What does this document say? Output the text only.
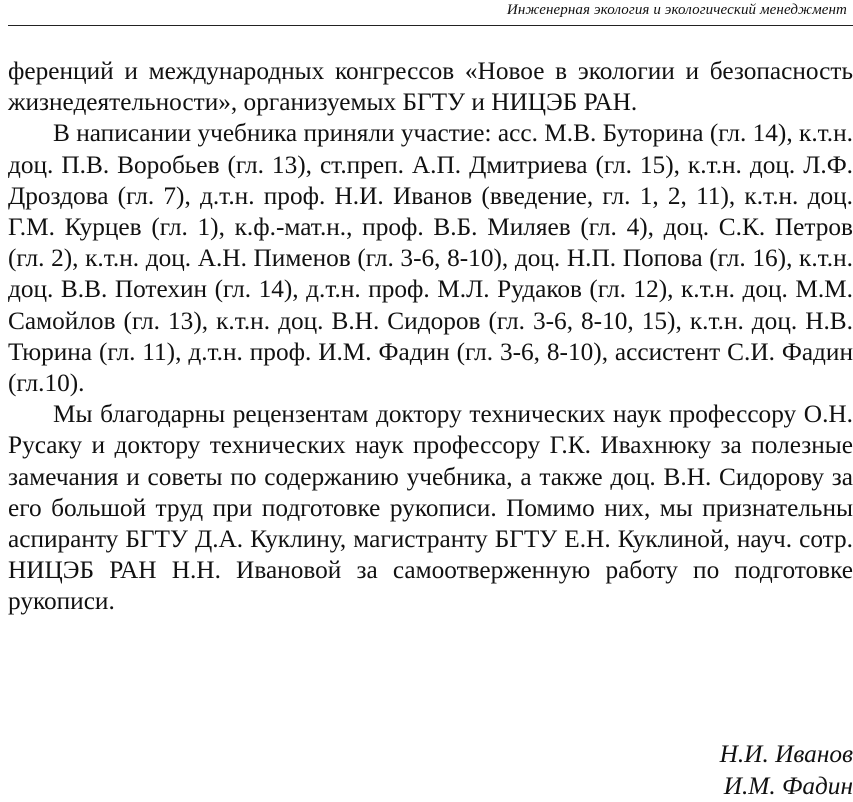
Инженерная экология и экологический менеджмент

ференций и международных конгрессов «Новое в экологии и безопасность жизнедеятельности», организуемых БГТУ и НИЦЭБ РАН.

В написании учебника приняли участие: асс. М.В. Буторина (гл. 14), к.т.н. доц. П.В. Воробьев (гл. 13), ст.преп. А.П. Дмитриева (гл. 15), к.т.н. доц. Л.Ф. Дроздова (гл. 7), д.т.н. проф. Н.И. Иванов (введение, гл. 1, 2, 11), к.т.н. доц. Г.М. Курцев (гл. 1), к.ф.-мат.н., проф. В.Б. Миляев (гл. 4), доц. С.К. Петров (гл. 2), к.т.н. доц. А.Н. Пименов (гл. 3-6, 8-10), доц. Н.П. Попова (гл. 16), к.т.н. доц. В.В. Потехин (гл. 14), д.т.н. проф. М.Л. Рудаков (гл. 12), к.т.н. доц. М.М. Самойлов (гл. 13), к.т.н. доц. В.Н. Сидоров (гл. 3-6, 8-10, 15), к.т.н. доц. Н.В. Тюрина (гл. 11), д.т.н. проф. И.М. Фадин (гл. 3-6, 8-10), ассистент С.И. Фадин (гл.10).

Мы благодарны рецензентам доктору технических наук профессору О.Н. Русаку и доктору технических наук профессору Г.К. Ивахнюку за полезные замечания и советы по содержанию учебника, а также доц. В.Н. Сидорову за его большой труд при подготовке рукописи. Помимо них, мы признательны аспиранту БГТУ Д.А. Куклину, магистранту БГТУ Е.Н. Куклиной, науч. сотр. НИЦЭБ РАН Н.Н. Ивановой за самоотверженную работу по подготовке рукописи.

Н.И. Иванов
И.М. Фадин
